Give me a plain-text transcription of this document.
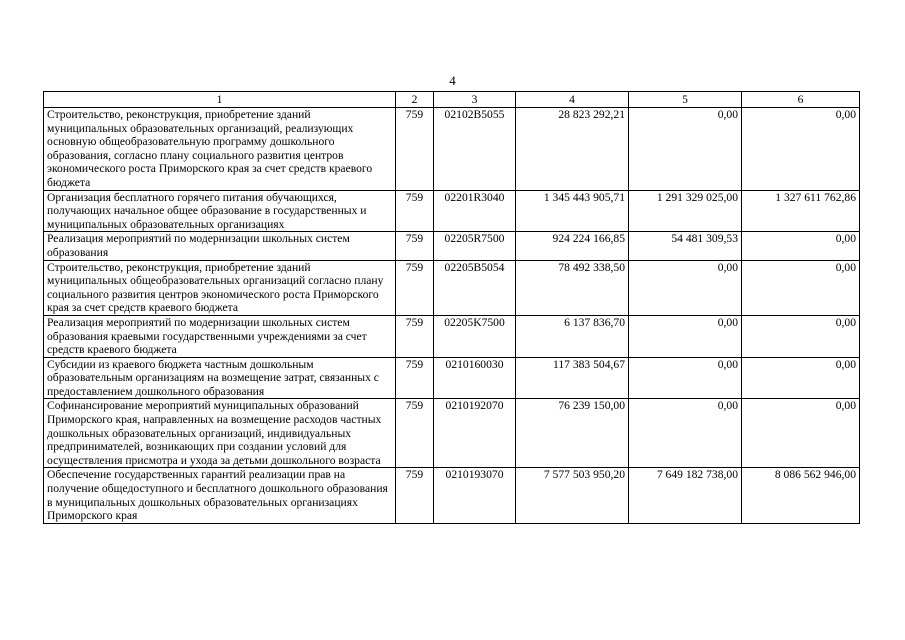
4
1	2	3	4	5	6
Строительство, реконструкция, приобретение зданий муниципальных образовательных организаций, реализующих основную общеобразовательную программу дошкольного образования, согласно плану социального развития центров экономического роста Приморского края за счет средств краевого бюджета	759	02102B5055	28 823 292,21	0,00	0,00
Организация бесплатного горячего питания обучающихся, получающих начальное общее образование в государственных и муниципальных образовательных организациях	759	02201R3040	1 345 443 905,71	1 291 329 025,00	1 327 611 762,86
Реализация мероприятий по модернизации школьных систем образования	759	02205R7500	924 224 166,85	54 481 309,53	0,00
Строительство, реконструкция, приобретение зданий муниципальных общеобразовательных организаций согласно плану социального развития центров экономического роста Приморского края за счет средств краевого бюджета	759	02205B5054	78 492 338,50	0,00	0,00
Реализация мероприятий по модернизации школьных систем образования краевыми государственными учреждениями за счет средств краевого бюджета	759	02205K7500	6 137 836,70	0,00	0,00
Субсидии из краевого бюджета частным дошкольным образовательным организациям на возмещение затрат, связанных с предоставлением дошкольного образования	759	0210160030	117 383 504,67	0,00	0,00
Софинансирование мероприятий муниципальных образований Приморского края, направленных на возмещение расходов частных дошкольных образовательных организаций, индивидуальных предпринимателей, возникающих при создании условий для осуществления присмотра и ухода за детьми дошкольного возраста	759	0210192070	76 239 150,00	0,00	0,00
Обеспечение государственных гарантий реализации прав на получение общедоступного и бесплатного дошкольного образования в муниципальных дошкольных образовательных организациях Приморского края	759	0210193070	7 577 503 950,20	7 649 182 738,00	8 086 562 946,00
